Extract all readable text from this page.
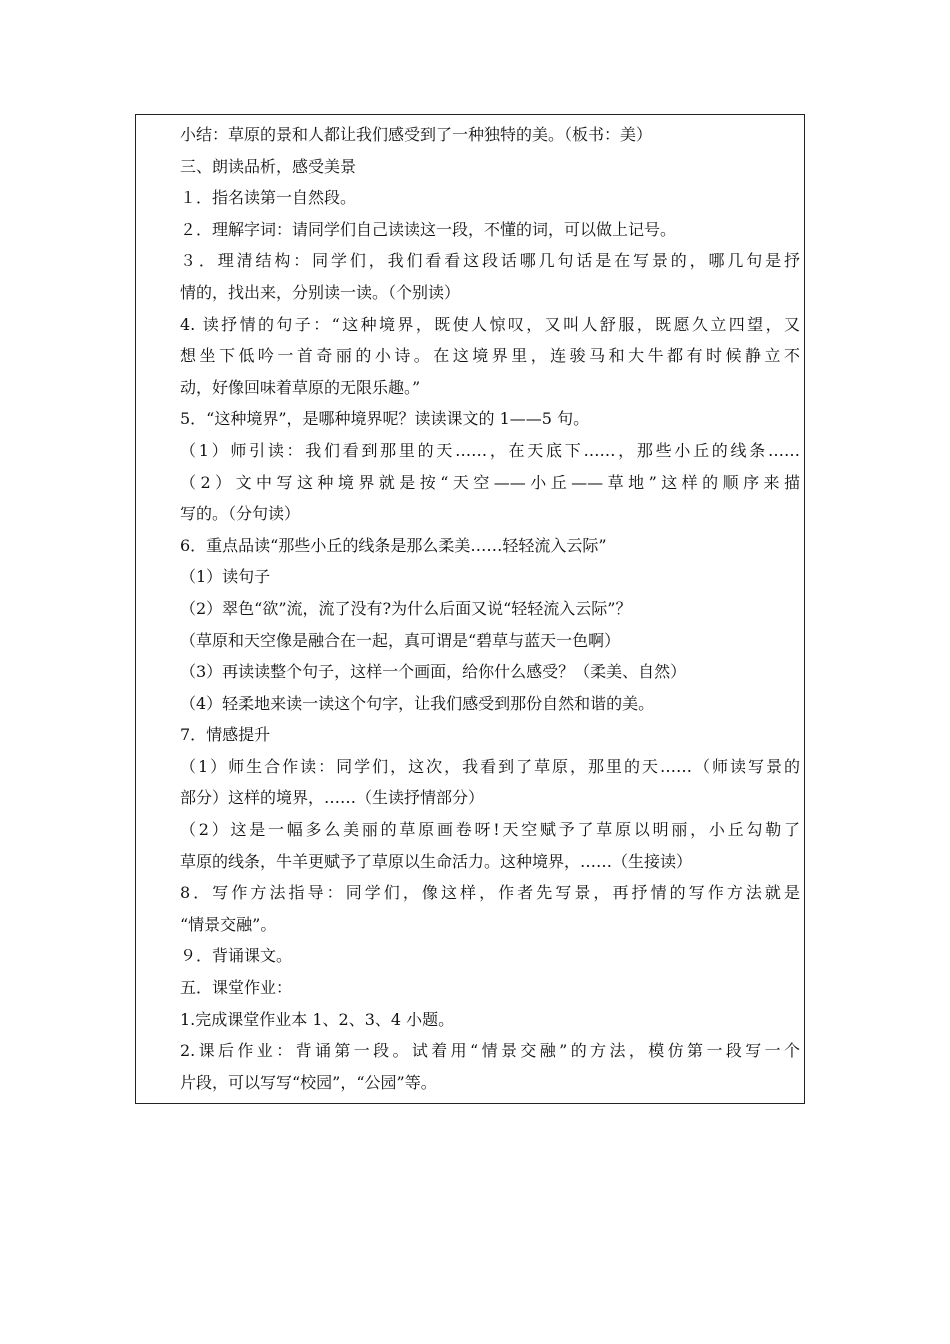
小结：草原的景和人都让我们感受到了一种独特的美。（板书：美）
三、朗读品析，感受美景
１．指名读第一自然段。
２．理解字词：请同学们自己读读这一段，不懂的词，可以做上记号。
３．理清结构：同学们，我们看看这段话哪几句话是在写景的，哪几句是抒
情的，找出来，分别读一读。（个别读）
4. 读抒情的句子：“这种境界，既使人惊叹，又叫人舒服，既愿久立四望，又
想坐下低吟一首奇丽的小诗。在这境界里，连骏马和大牛都有时候静立不
动，好像回味着草原的无限乐趣。”
5．“这种境界”，是哪种境界呢？读读课文的 1——5 句。
（1）师引读：我们看到那里的天……，在天底下……，那些小丘的线条……
（2）文中写这种境界就是按“天空——小丘——草地”这样的顺序来描
写的。（分句读）
6．重点品读“那些小丘的线条是那么柔美……轻轻流入云际”
（1）读句子
（2）翠色“欲”流，流了没有?为什么后面又说“轻轻流入云际”？
（草原和天空像是融合在一起，真可谓是“碧草与蓝天一色啊）
（3）再读读整个句子，这样一个画面，给你什么感受？（柔美、自然）
（4）轻柔地来读一读这个句字，让我们感受到那份自然和谐的美。
7．情感提升
（1）师生合作读：同学们，这次，我看到了草原，那里的天……（师读写景的
部分）这样的境界，……（生读抒情部分）
（2）这是一幅多么美丽的草原画卷呀!天空赋予了草原以明丽，小丘勾勒了
草原的线条，牛羊更赋予了草原以生命活力。这种境界，……（生接读）
8．写作方法指导：同学们，像这样，作者先写景，再抒情的写作方法就是
“情景交融”。
９．背诵课文。
五．课堂作业：
1.完成课堂作业本 1、2、3、4 小题。
2.课后作业：背诵第一段。试着用“情景交融”的方法，模仿第一段写一个
片段，可以写写“校园”，“公园”等。
